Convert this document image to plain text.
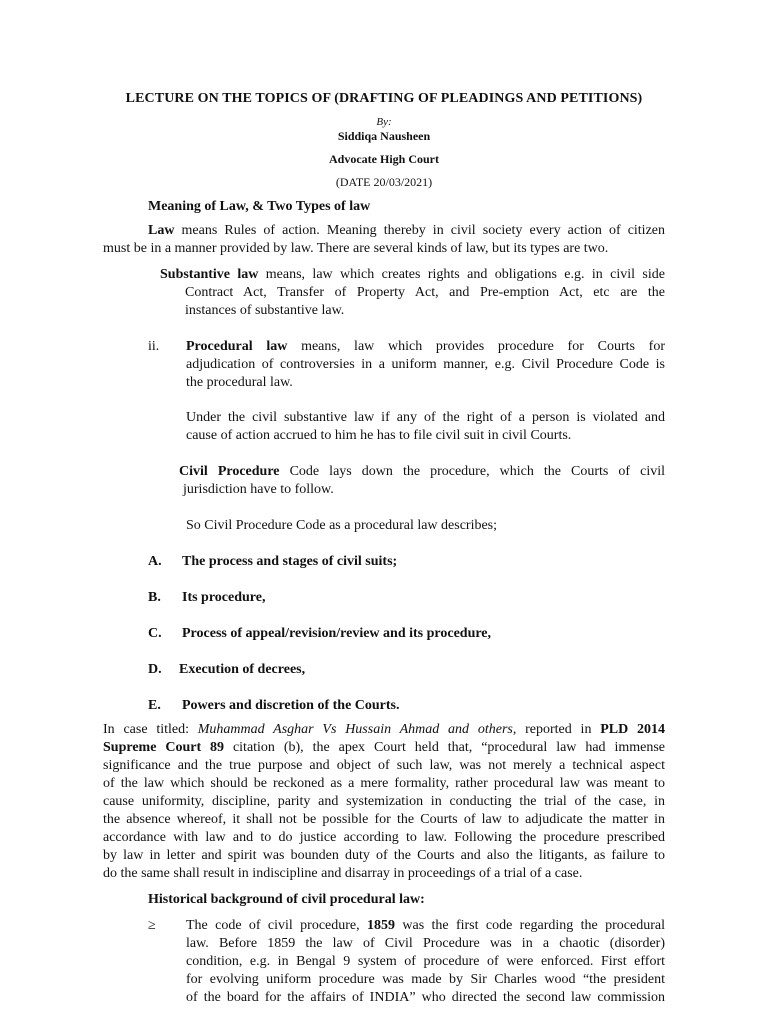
LECTURE ON THE TOPICS OF (DRAFTING OF PLEADINGS AND PETITIONS)
By:
Siddiqa Nausheen
Advocate High Court
(DATE 20/03/2021)
Meaning of Law, & Two Types of law
Law means Rules of action. Meaning thereby in civil society every action of citizen
must be in a manner provided by law. There are several kinds of law, but its types are two.
Substantive law means, law which creates rights and obligations e.g. in civil side
Contract Act, Transfer of Property Act, and Pre-emption Act, etc are the
instances of substantive law.
ii. Procedural law means, law which provides procedure for Courts for
adjudication of controversies in a uniform manner, e.g. Civil Procedure Code is
the procedural law.
Under the civil substantive law if any of the right of a person is violated and
cause of action accrued to him he has to file civil suit in civil Courts.
Civil Procedure Code lays down the procedure, which the Courts of civil
jurisdiction have to follow.
So Civil Procedure Code as a procedural law describes;
A. The process and stages of civil suits;
B. Its procedure,
C. Process of appeal/revision/review and its procedure,
D. Execution of decrees,
E. Powers and discretion of the Courts.
In case titled: Muhammad Asghar Vs Hussain Ahmad and others, reported in PLD 2014
Supreme Court 89 citation (b), the apex Court held that, “procedural law had immense
significance and the true purpose and object of such law, was not merely a technical aspect
of the law which should be reckoned as a mere formality, rather procedural law was meant to
cause uniformity, discipline, parity and systemization in conducting the trial of the case, in
the absence whereof, it shall not be possible for the Courts of law to adjudicate the matter in
accordance with law and to do justice according to law. Following the procedure prescribed
by law in letter and spirit was bounden duty of the Courts and also the litigants, as failure to
do the same shall result in indiscipline and disarray in proceedings of a trial of a case.
Historical background of civil procedural law:
≥ The code of civil procedure, 1859 was the first code regarding the procedural
law. Before 1859 the law of Civil Procedure was in a chaotic (disorder)
condition, e.g. in Bengal 9 system of procedure of were enforced. First effort
for evolving uniform procedure was made by Sir Charles wood “the president
of the board for the affairs of INDIA” who directed the second law commission
